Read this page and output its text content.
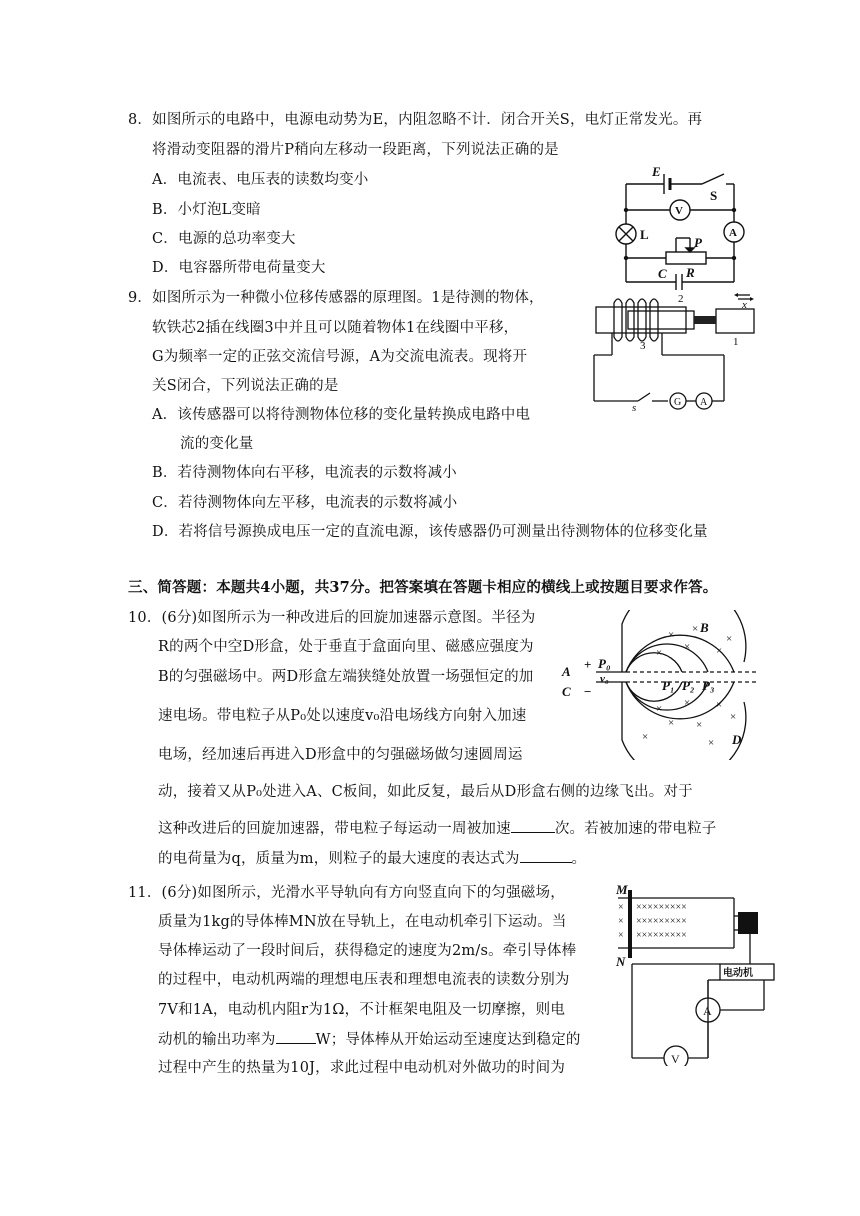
8．如图所示的电路中，电源电动势为E，内阻忽略不计．闭合开关S，电灯正常发光。再
将滑动变阻器的滑片P稍向左移动一段距离，下列说法正确的是
A．电流表、电压表的读数均变小
B．小灯泡L变暗
C．电源的总功率变大
D．电容器所带电荷量变大
E
S
V
L	A
P
R
C
9．如图所示为一种微小位移传感器的原理图。1是待测的物体，
软铁芯2插在线圈3中并且可以随着物体1在线圈中平移，
G为频率一定的正弦交流信号源，A为交流电流表。现将开
关S闭合，下列说法正确的是
A．该传感器可以将待测物体位移的变化量转换成电路中电
流的变化量
B．若待测物体向右平移，电流表的示数将减小
C．若待测物体向左平移，电流表的示数将减小
D．若将信号源换成电压一定的直流电源，该传感器仍可测量出待测物体的位移变化量
2
3	1
x
s	G A
三、简答题：本题共4小题，共37分。把答案填在答题卡相应的横线上或按题目要求作答。
10．(6分)如图所示为一种改进后的回旋加速器示意图。半径为
R的两个中空D形盒，处于垂直于盒面向里、磁感应强度为
B的匀强磁场中。两D形盒左端狭缝处放置一场强恒定的加
速电场。带电粒子从P₀处以速度v₀沿电场线方向射入加速
电场，经加速后再进入D形盒中的匀强磁场做匀速圆周运
动，接着又从P₀处进入A、C板间，如此反复，最后从D形盒右侧的边缘飞出。对于
这种改进后的回旋加速器，带电粒子每运动一周被加速	次。若被加速的带电粒子
的电荷量为q，质量为m，则粒子的最大速度的表达式为	。
× ×
× × ×
×
× × ×
× ×
×
×	×
A
C
+
−
P₀
v₀	P₁ P₂ P₃
B
D
11．(6分)如图所示，光滑水平导轨向有方向竖直向下的匀强磁场，
质量为1kg的导体棒MN放在导轨上，在电动机牵引下运动。当
导体棒运动了一段时间后，获得稳定的速度为2m/s。牵引导体棒
的过程中，电动机两端的理想电压表和理想电流表的读数分别为
7V和1A，电动机内阻r为1Ω，不计框架电阻及一切摩擦，则电
动机的输出功率为	W；导体棒从开始运动至速度达到稳定的
过程中产生的热量为10J，求此过程中电动机对外做功的时间为
×××××××××
×××××××××
×××××××××
×
×
×
M
N
电动机
A
V
